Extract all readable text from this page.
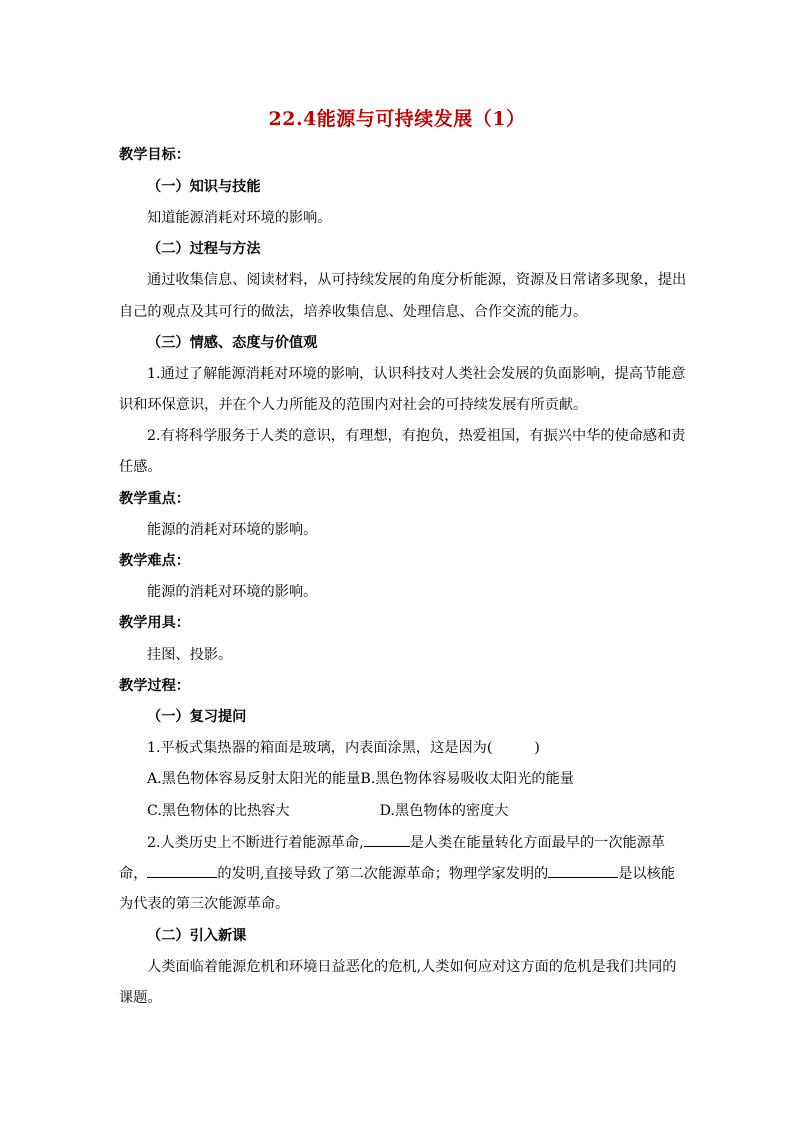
22.4能源与可持续发展（1）
教学目标：
（一）知识与技能
知道能源消耗对环境的影响。
（二）过程与方法
通过收集信息、阅读材料，从可持续发展的角度分析能源，资源及日常诸多现象，提出
自己的观点及其可行的做法，培养收集信息、处理信息、合作交流的能力。
（三）情感、态度与价值观
1.通过了解能源消耗对环境的影响，认识科技对人类社会发展的负面影响，提高节能意
识和环保意识，并在个人力所能及的范围内对社会的可持续发展有所贡献。
2.有将科学服务于人类的意识，有理想，有抱负，热爱祖国，有振兴中华的使命感和责
任感。
教学重点：
能源的消耗对环境的影响。
教学难点：
能源的消耗对环境的影响。
教学用具：
挂图、投影。
教学过程：
（一）复习提问
1.平板式集热器的箱面是玻璃，内表面涂黑，这是因为(	)
A.黑色物体容易反射太阳光的能量B.黑色物体容易吸收太阳光的能量
C.黑色物体的比热容大	D.黑色物体的密度大
2.人类历史上不断进行着能源革命,	是人类在能量转化方面最早的一次能源革
命，	的发明,直接导致了第二次能源革命；物理学家发明的	是以核能
为代表的第三次能源革命。
（二）引入新课
人类面临着能源危机和环境日益恶化的危机,人类如何应对这方面的危机是我们共同的
课题。
